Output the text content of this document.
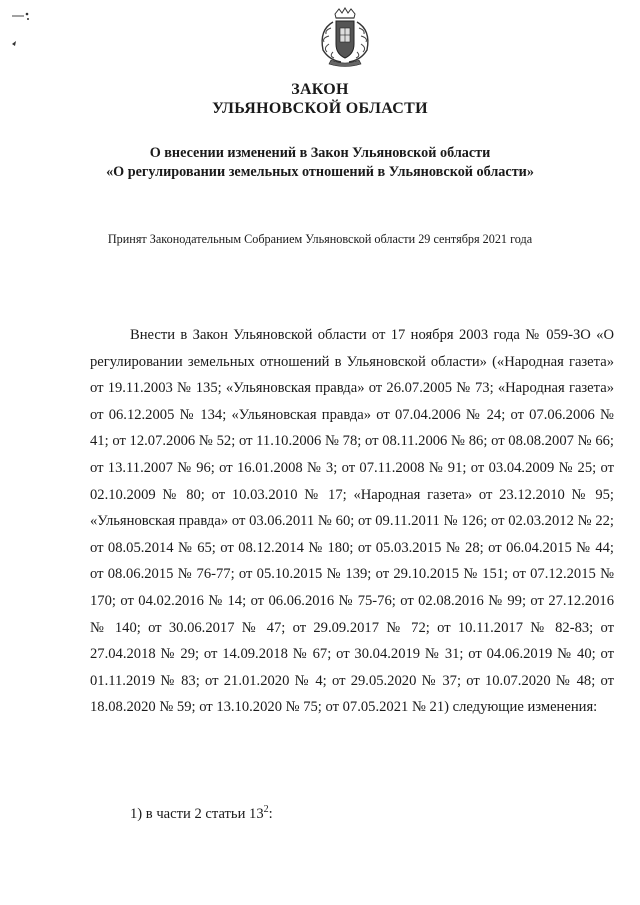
ЗАКОН
УЛЬЯНОВСКОЙ ОБЛАСТИ
О внесении изменений в Закон Ульяновской области
«О регулировании земельных отношений в Ульяновской области»
Принят Законодательным Собранием Ульяновской области 29 сентября 2021 года

Внести в Закон Ульяновской области от 17 ноября 2003 года № 059-ЗО «О регулировании земельных отношений в Ульяновской области» («Народная газета» от 19.11.2003 № 135; «Ульяновская правда» от 26.07.2005 № 73; «Народная газета» от 06.12.2005 № 134; «Ульяновская правда» от 07.04.2006 № 24; от 07.06.2006 № 41; от 12.07.2006 № 52; от 11.10.2006 № 78; от 08.11.2006 № 86; от 08.08.2007 № 66; от 13.11.2007 № 96; от 16.01.2008 № 3; от 07.11.2008 № 91; от 03.04.2009 № 25; от 02.10.2009 № 80; от 10.03.2010 № 17; «Народная газета» от 23.12.2010 № 95; «Ульяновская правда» от 03.06.2011 № 60; от 09.11.2011 № 126; от 02.03.2012 № 22; от 08.05.2014 № 65; от 08.12.2014 № 180; от 05.03.2015 № 28; от 06.04.2015 № 44; от 08.06.2015 № 76-77; от 05.10.2015 № 139; от 29.10.2015 № 151; от 07.12.2015 № 170; от 04.02.2016 № 14; от 06.06.2016 № 75-76; от 02.08.2016 № 99; от 27.12.2016 № 140; от 30.06.2017 № 47; от 29.09.2017 № 72; от 10.11.2017 № 82-83; от 27.04.2018 № 29; от 14.09.2018 № 67; от 30.04.2019 № 31; от 04.06.2019 № 40; от 01.11.2019 № 83; от 21.01.2020 № 4; от 29.05.2020 № 37; от 10.07.2020 № 48; от 18.08.2020 № 59; от 13.10.2020 № 75; от 07.05.2021 № 21) следующие изменения:

1) в части 2 статьи $13^2$:
